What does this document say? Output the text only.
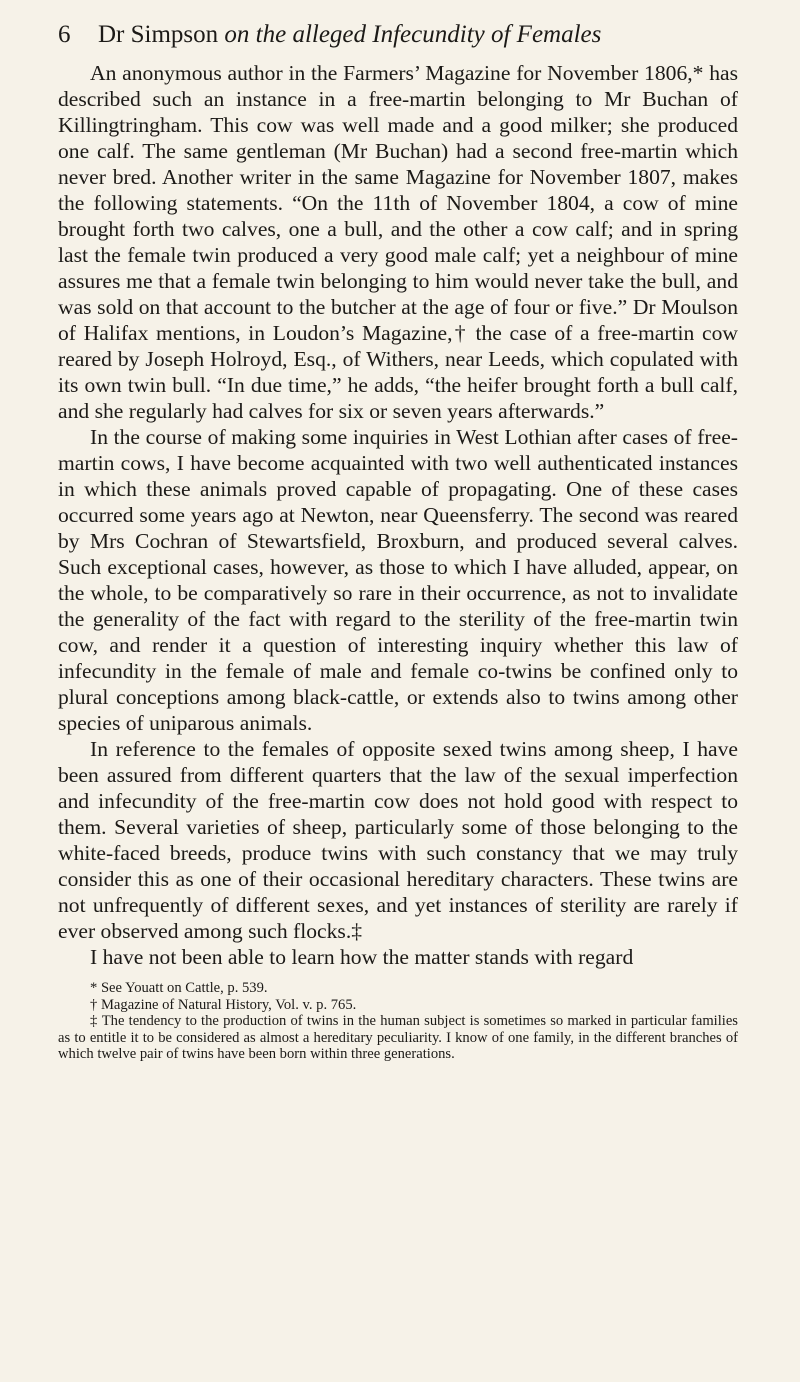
6	Dr Simpson on the alleged Infecundity of Females

An anonymous author in the Farmers’ Magazine for November 1806,* has described such an instance in a free-martin belonging to Mr Buchan of Killingtringham. This cow was well made and a good milker; she produced one calf. The same gentleman (Mr Buchan) had a second free-martin which never bred. Another writer in the same Magazine for November 1807, makes the following statements. “On the 11th of November 1804, a cow of mine brought forth two calves, one a bull, and the other a cow calf; and in spring last the female twin produced a very good male calf; yet a neighbour of mine assures me that a female twin belonging to him would never take the bull, and was sold on that account to the butcher at the age of four or five.” Dr Moulson of Halifax mentions, in Loudon’s Magazine,† the case of a free-martin cow reared by Joseph Holroyd, Esq., of Withers, near Leeds, which copulated with its own twin bull. “In due time,” he adds, “the heifer brought forth a bull calf, and she regularly had calves for six or seven years afterwards.”

In the course of making some inquiries in West Lothian after cases of free-martin cows, I have become acquainted with two well authenticated instances in which these animals proved capable of propagating. One of these cases occurred some years ago at Newton, near Queensferry. The second was reared by Mrs Cochran of Stewartsfield, Broxburn, and produced several calves. Such exceptional cases, however, as those to which I have alluded, appear, on the whole, to be comparatively so rare in their occurrence, as not to invalidate the generality of the fact with regard to the sterility of the free-martin twin cow, and render it a question of interesting inquiry whether this law of infecundity in the female of male and female co-twins be confined only to plural conceptions among black-cattle, or extends also to twins among other species of uniparous animals.

In reference to the females of opposite sexed twins among sheep, I have been assured from different quarters that the law of the sexual imperfection and infecundity of the free-martin cow does not hold good with respect to them. Several varieties of sheep, particularly some of those belonging to the white-faced breeds, produce twins with such constancy that we may truly consider this as one of their occasional hereditary characters. These twins are not unfrequently of different sexes, and yet instances of sterility are rarely if ever observed among such flocks.‡

I have not been able to learn how the matter stands with regard

* See Youatt on Cattle, p. 539.

† Magazine of Natural History, Vol. v. p. 765.

‡ The tendency to the production of twins in the human subject is sometimes so marked in particular families as to entitle it to be considered as almost a hereditary peculiarity. I know of one family, in the different branches of which twelve pair of twins have been born within three generations.
